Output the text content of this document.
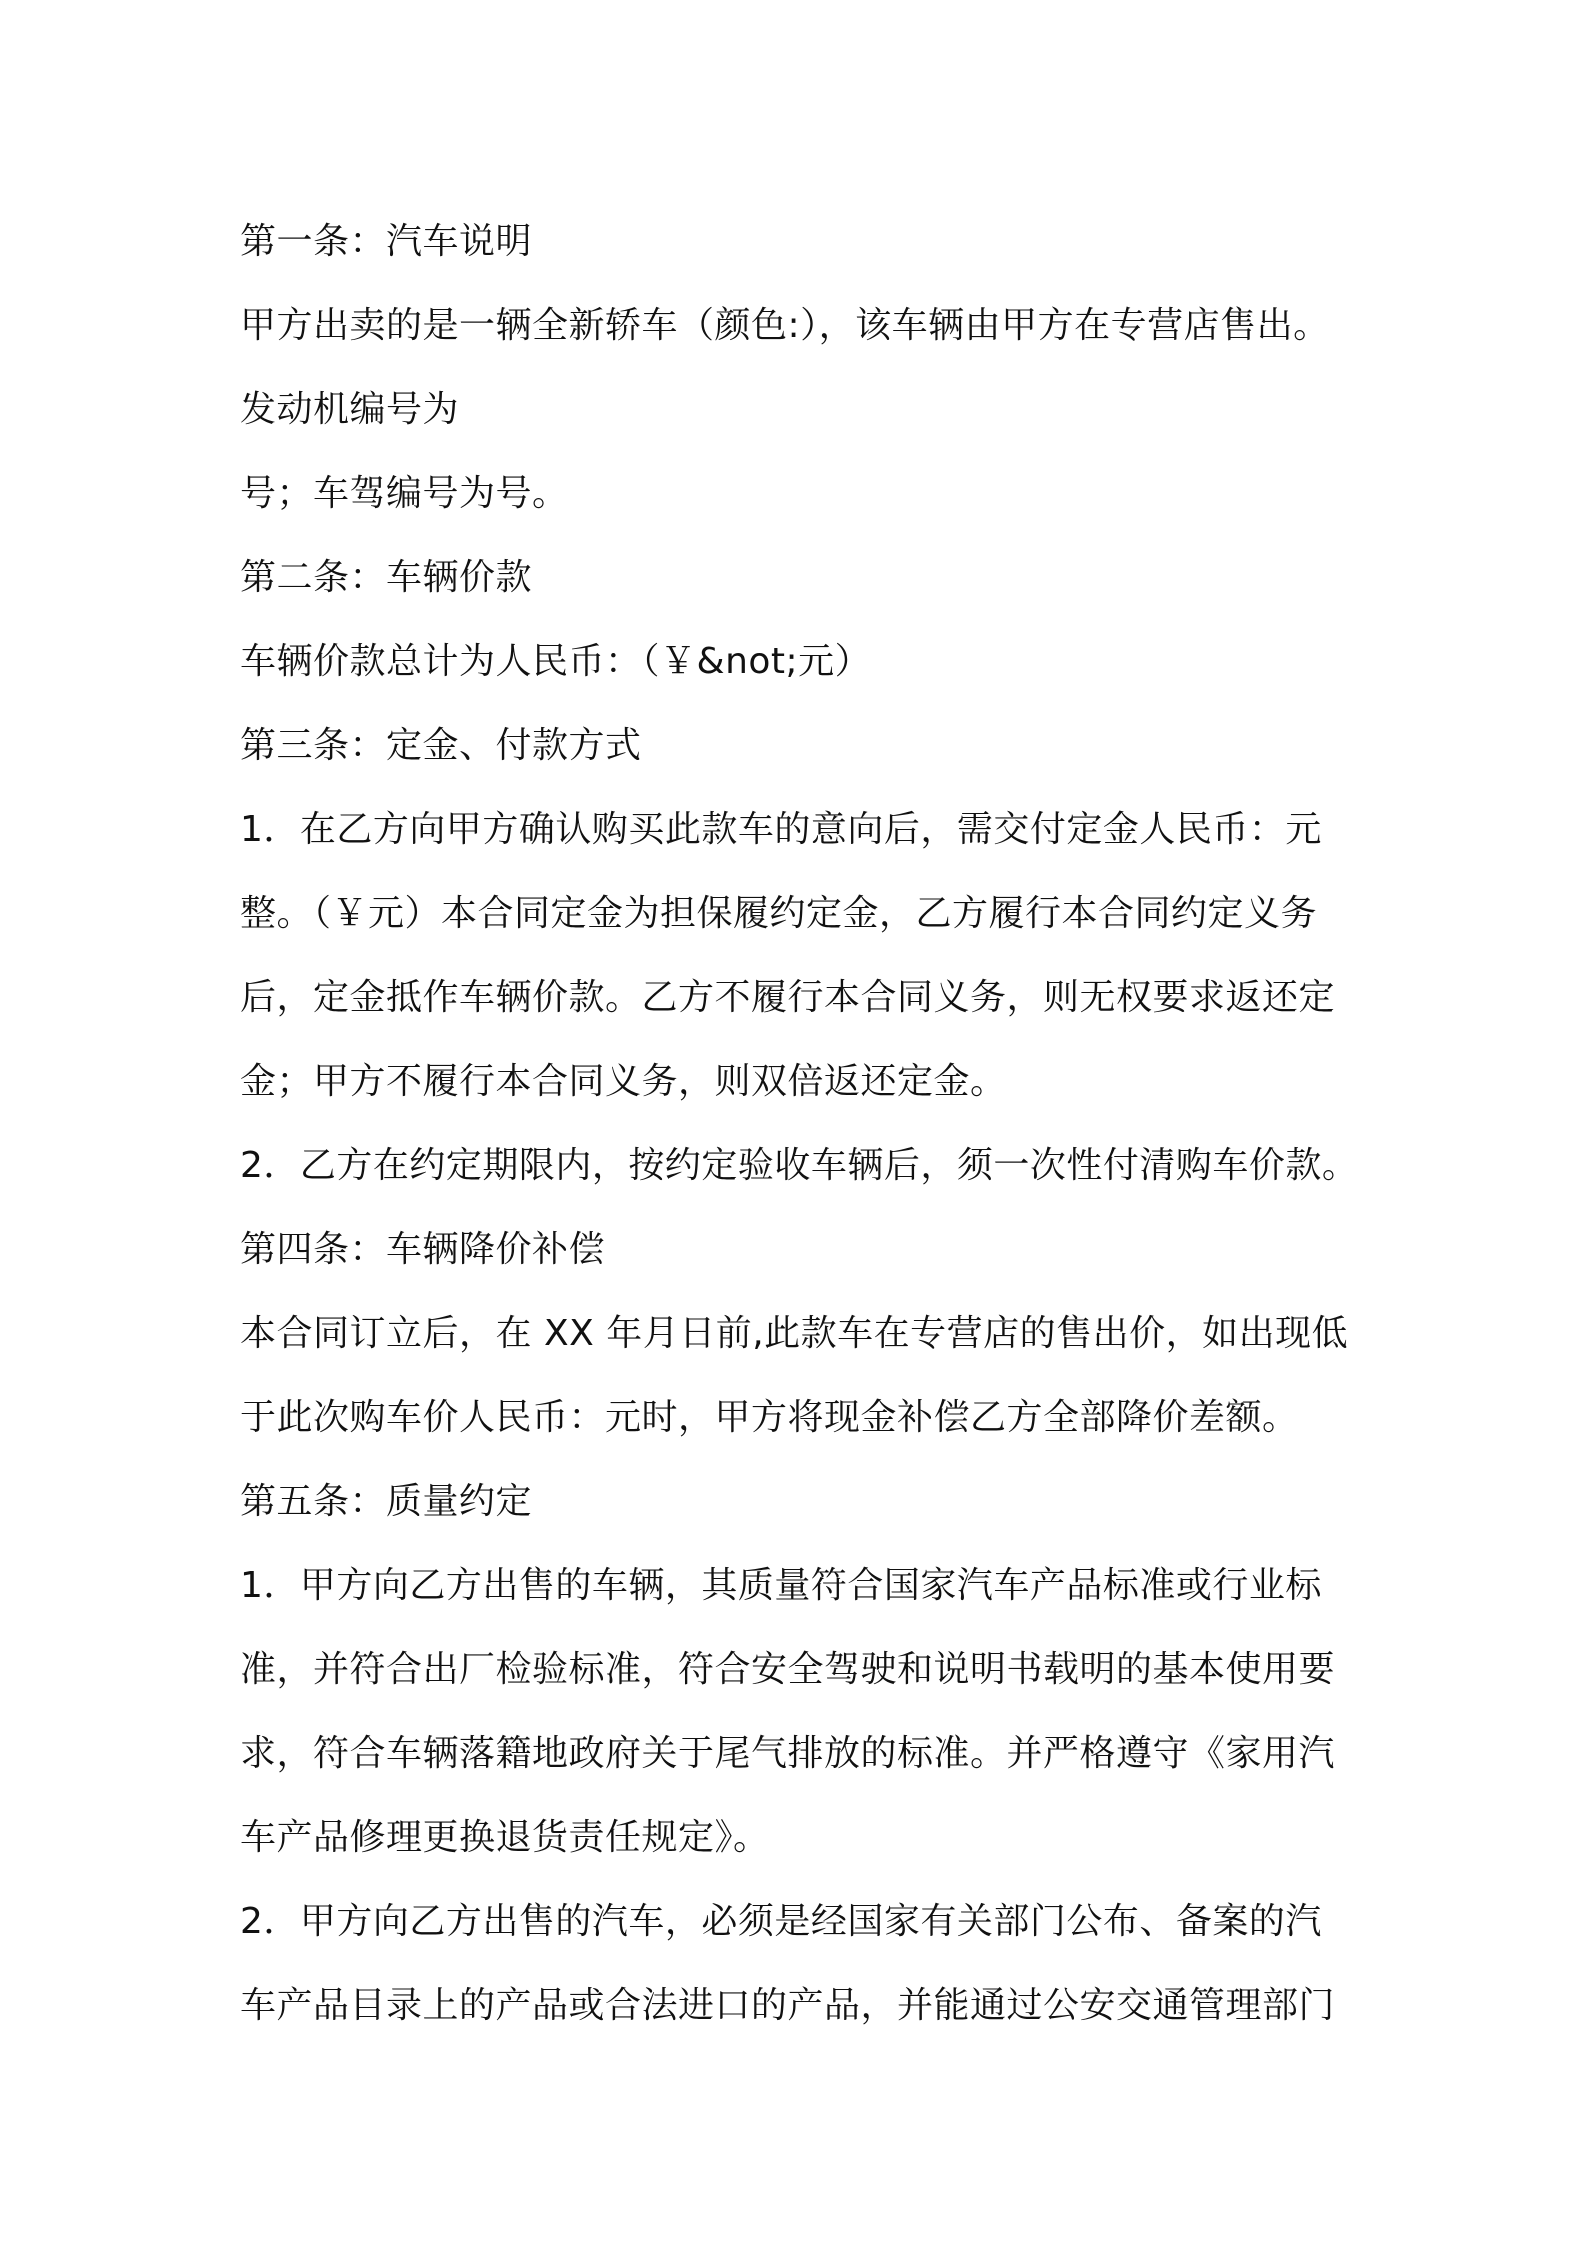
第一条：汽车说明
甲方出卖的是一辆全新轿车（颜色:），该车辆由甲方在专营店售出。
发动机编号为
号；车驾编号为号。
第二条：车辆价款
车辆价款总计为人民币：（￥&not;元）
第三条：定金、付款方式
1．在乙方向甲方确认购买此款车的意向后，需交付定金人民币：元
整。（￥元）本合同定金为担保履约定金，乙方履行本合同约定义务
后，定金抵作车辆价款。乙方不履行本合同义务，则无权要求返还定
金；甲方不履行本合同义务，则双倍返还定金。
2．乙方在约定期限内，按约定验收车辆后，须一次性付清购车价款。
第四条：车辆降价补偿
本合同订立后，在 XX 年月日前,此款车在专营店的售出价，如出现低
于此次购车价人民币：元时，甲方将现金补偿乙方全部降价差额。
第五条：质量约定
1．甲方向乙方出售的车辆，其质量符合国家汽车产品标准或行业标
准，并符合出厂检验标准，符合安全驾驶和说明书载明的基本使用要
求，符合车辆落籍地政府关于尾气排放的标准。并严格遵守《家用汽
车产品修理更换退货责任规定》。
2．甲方向乙方出售的汽车，必须是经国家有关部门公布、备案的汽
车产品目录上的产品或合法进口的产品，并能通过公安交通管理部门
